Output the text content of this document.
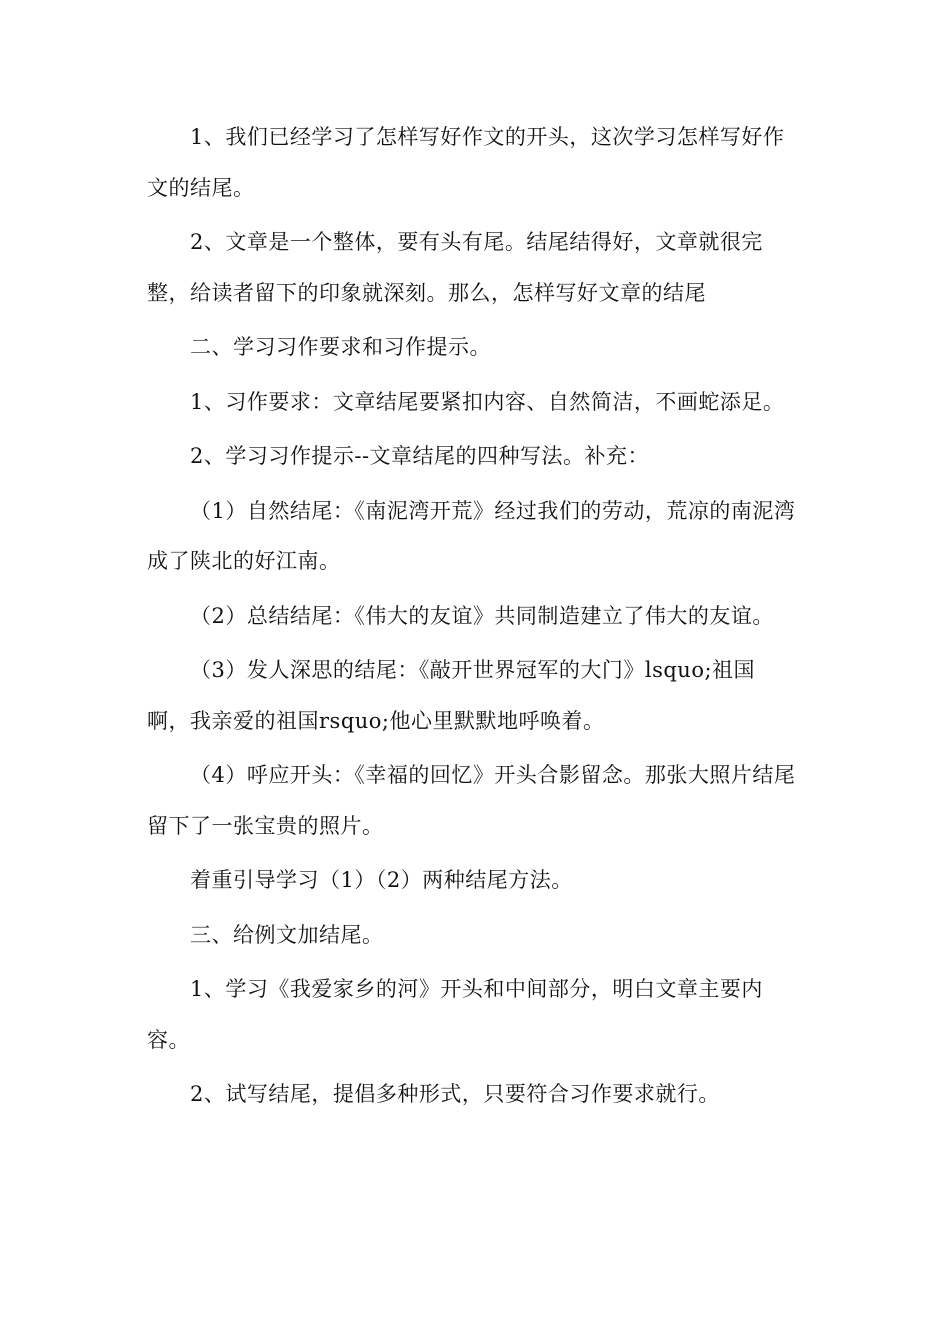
1、我们已经学习了怎样写好作文的开头，这次学习怎样写好作文的结尾。

2、文章是一个整体，要有头有尾。结尾结得好，文章就很完整，给读者留下的印象就深刻。那么，怎样写好文章的结尾

二、学习习作要求和习作提示。

1、习作要求：文章结尾要紧扣内容、自然简洁，不画蛇添足。

2、学习习作提示--文章结尾的四种写法。补充：

（1）自然结尾：《南泥湾开荒》经过我们的劳动，荒凉的南泥湾成了陕北的好江南。

（2）总结结尾：《伟大的友谊》共同制造建立了伟大的友谊。

（3）发人深思的结尾：《敲开世界冠军的大门》lsquo;祖国啊，我亲爱的祖国rsquo;他心里默默地呼唤着。

（4）呼应开头：《幸福的回忆》开头合影留念。那张大照片结尾留下了一张宝贵的照片。

着重引导学习（1）（2）两种结尾方法。

三、给例文加结尾。

1、学习《我爱家乡的河》开头和中间部分，明白文章主要内容。

2、试写结尾，提倡多种形式，只要符合习作要求就行。
